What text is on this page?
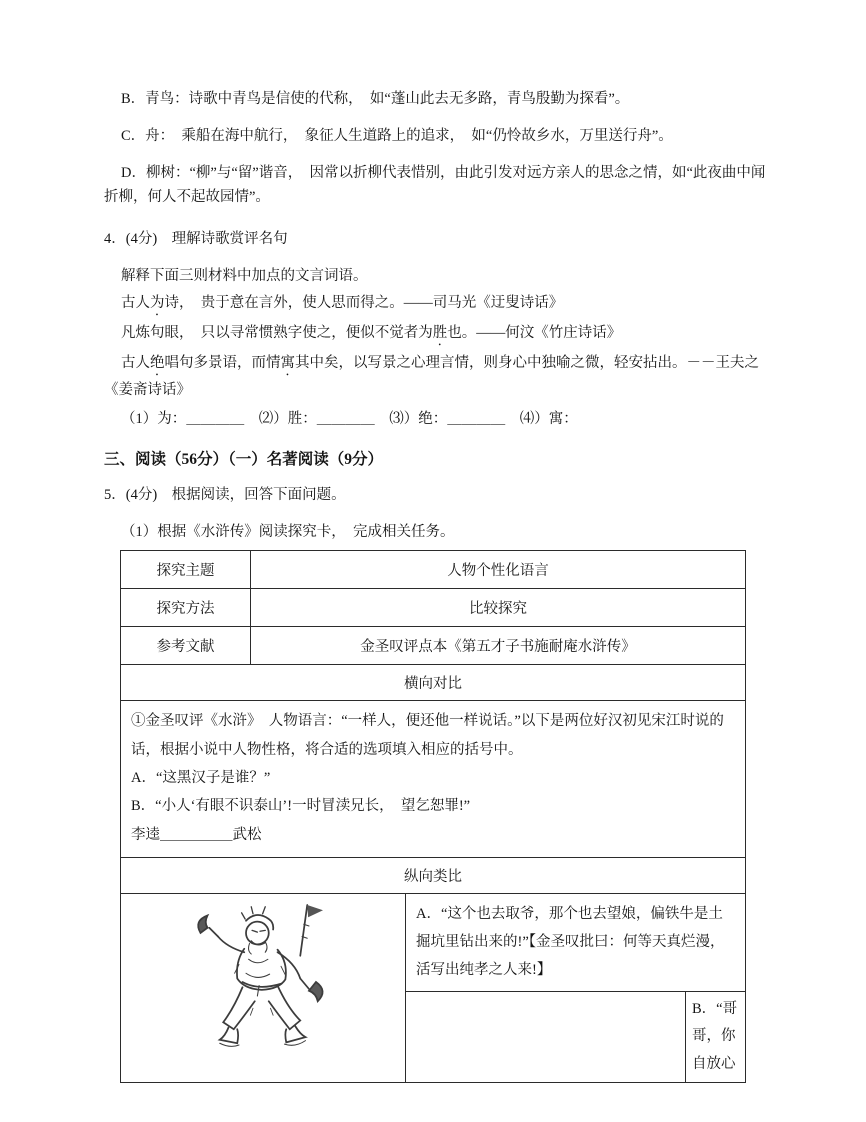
B．青鸟：诗歌中青鸟是信使的代称，　如“蓬山此去无多路，青鸟殷勤为探看”。

C．舟：　乘船在海中航行，　象征人生道路上的追求，　如“仍怜故乡水，万里送行舟”。

D．柳树：“柳”与“留”谐音，　因常以折柳代表惜别，由此引发对远方亲人的思念之情，如“此夜曲中闻折柳，何人不起故园情”。

4．(4分)　理解诗歌赏评名句

解释下面三则材料中加点的文言词语。

古人为诗，　贵于意在言外，使人思而得之。——司马光《迂叟诗话》

凡炼句眼，　只以寻常惯熟字使之，便似不觉者为胜也。——何汶《竹庄诗话》

古人绝唱句多景语，而情寓其中矣，以写景之心理言情，则身心中独喻之微，轻安拈出。－－王夫之《姜斋诗话》

（1）为：＿＿＿＿　⑵）胜：＿＿＿＿　⑶）绝：＿＿＿＿　⑷）寓：

三、阅读（56分）（一）名著阅读（9分）

5．(4分)　根据阅读，回答下面问题。

（1）根据《水浒传》阅读探究卡，　完成相关任务。

探究主题	人物个性化语言		
探究方法	比较探究		
参考文献	金圣叹评点本《第五才子书施耐庵水浒传》		
横向对比			

①金圣叹评《水浒》　人物语言：“一样人，便还他一样说话。”以下是两位好汉初见宋江时说的话，根据小说中人物性格，将合适的选项填入相应的括号中。

A．“这黑汉子是谁？”

B．“小人‘有眼不识泰山’!一时冒渎兄长，　望乞恕罪!”

李逵＿＿＿＿＿武松			

纵向类比			
	A．“这个也去取爷，那个也去望娘，偏铁牛是土掘坑里钻出来的!”【金圣叹批曰：何等天真烂漫，　活写出纯孝之人来!】	
			B．“哥哥，你自放心
